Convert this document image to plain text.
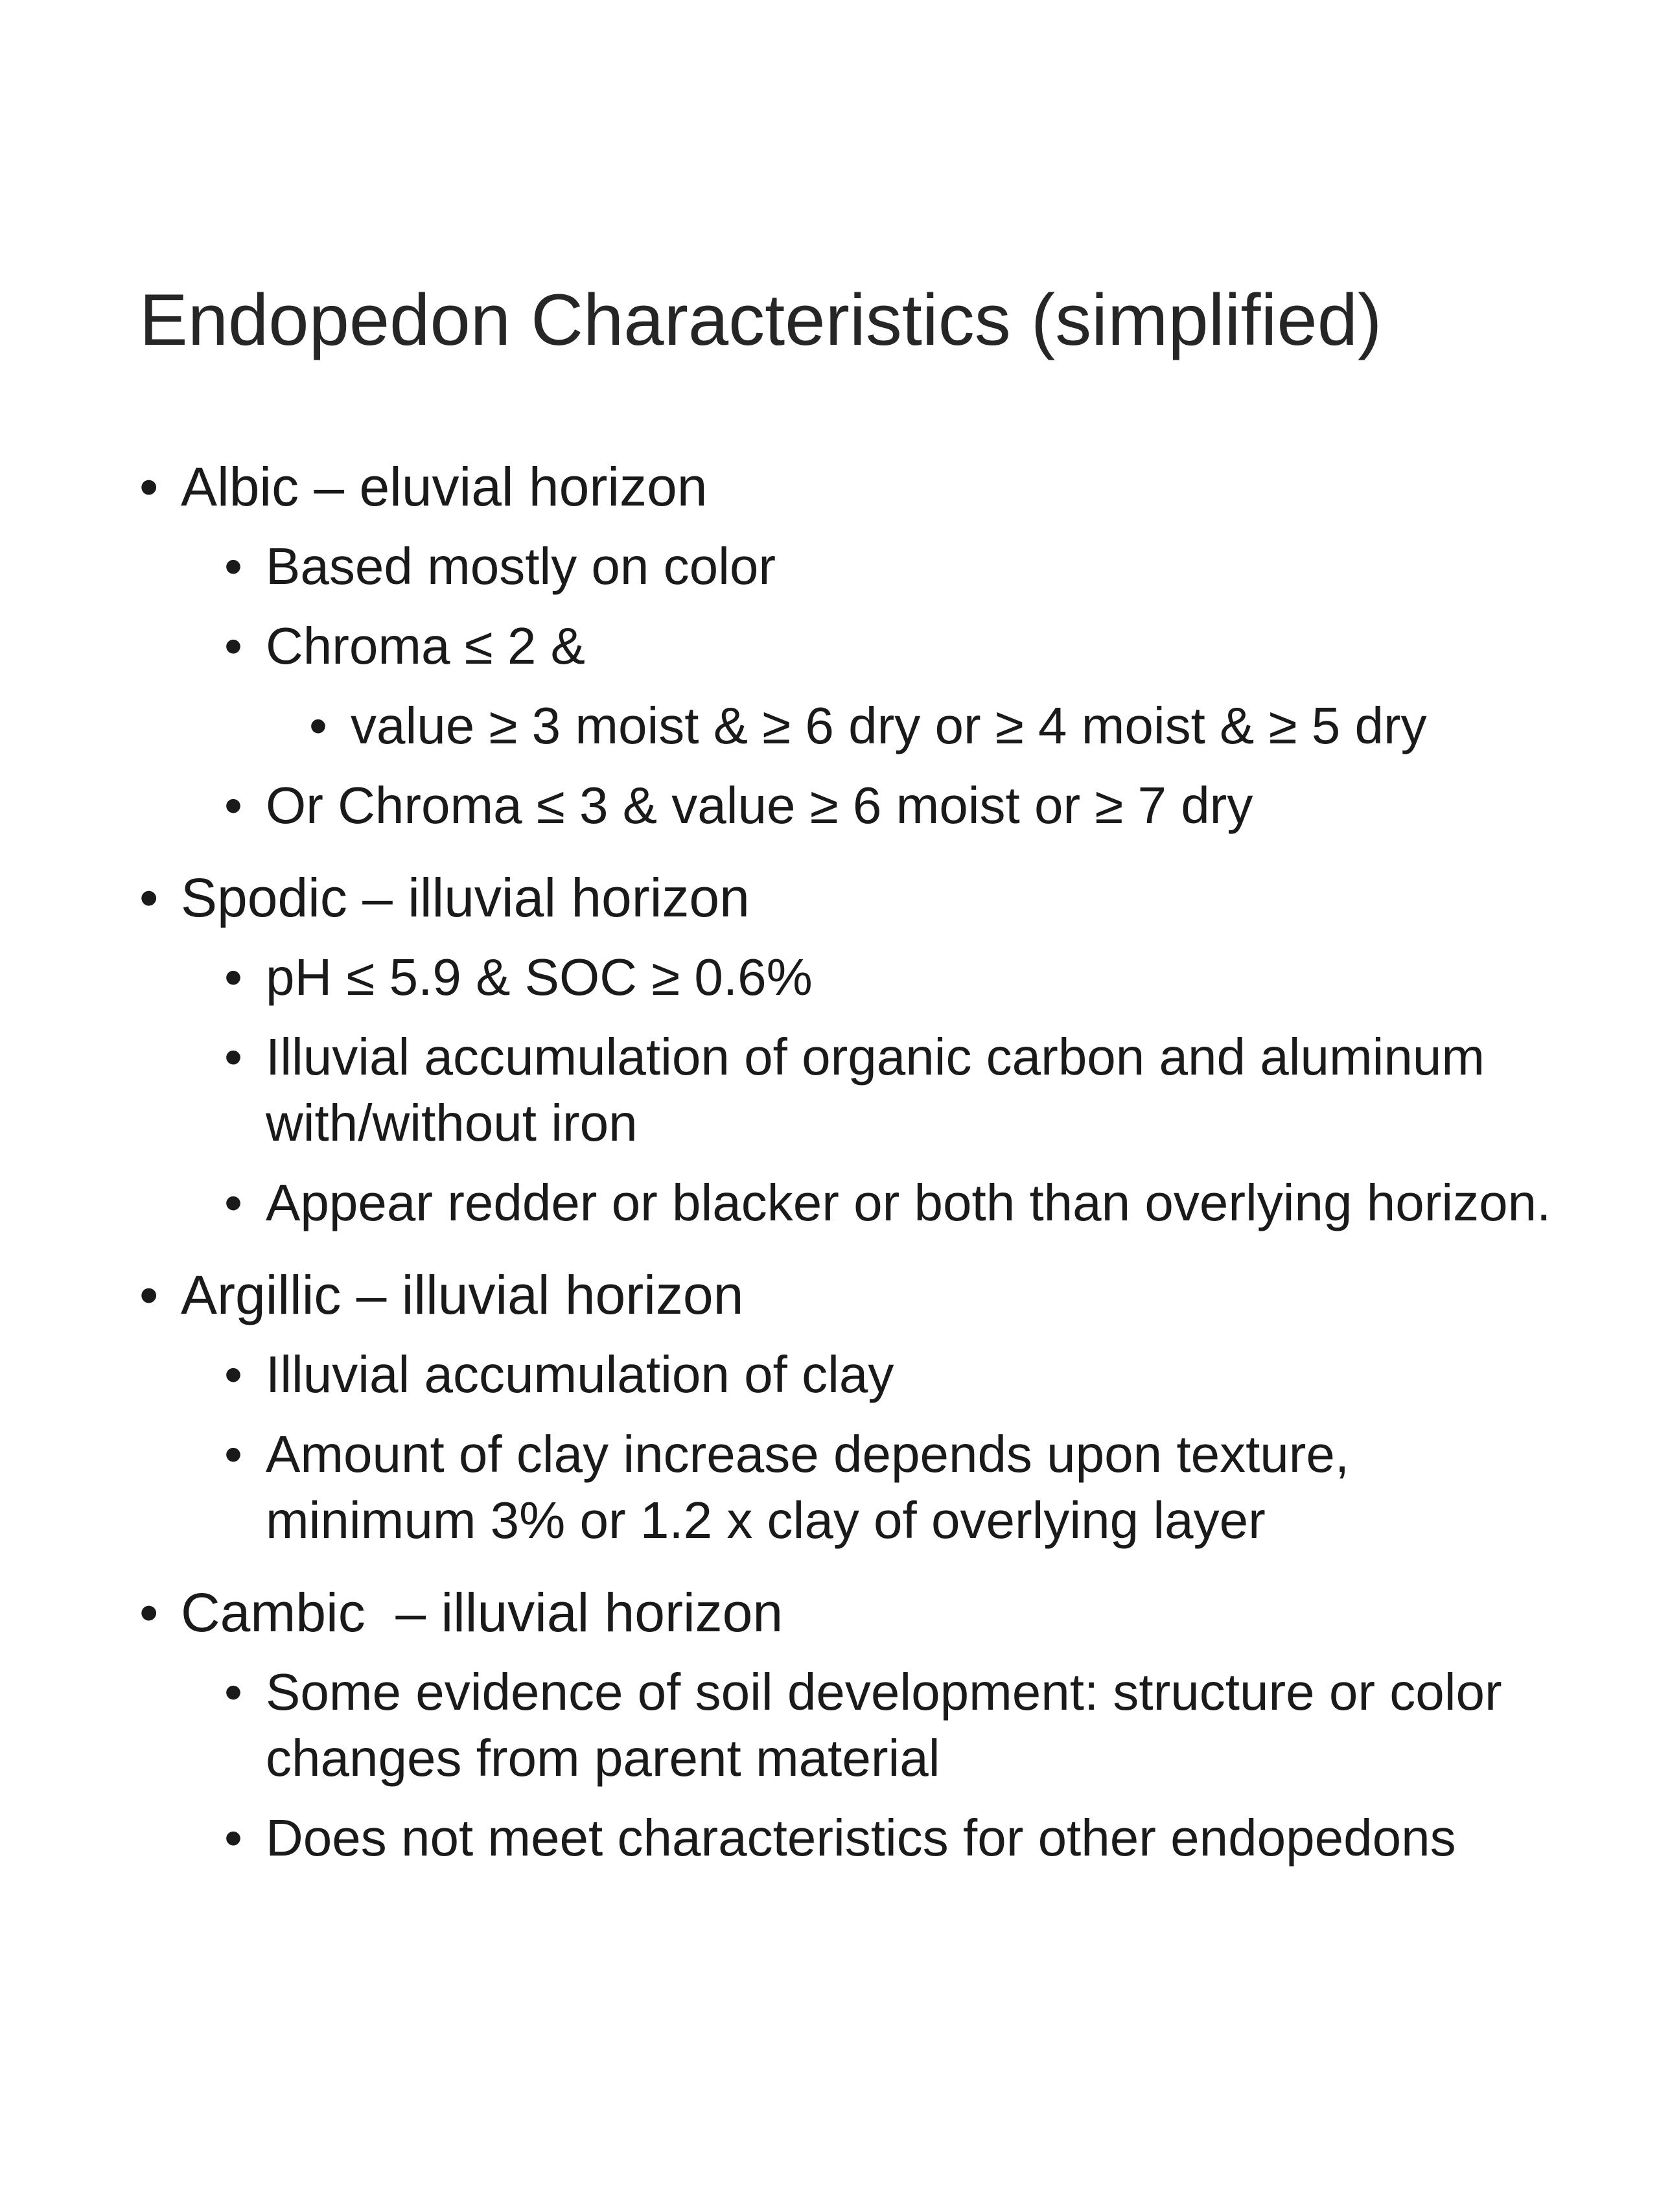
Endopedon Characteristics (simplified)
• Albic – eluvial horizon
• Based mostly on color
• Chroma ≤ 2 &
• value ≥ 3 moist & ≥ 6 dry or ≥ 4 moist & ≥ 5 dry
• Or Chroma ≤ 3 & value ≥ 6 moist or ≥ 7 dry
• Spodic – illuvial horizon
• pH ≤ 5.9 & SOC ≥ 0.6%
• Illuvial accumulation of organic carbon and aluminum with/without iron
• Appear redder or blacker or both than overlying horizon.
• Argillic – illuvial horizon
• Illuvial accumulation of clay
• Amount of clay increase depends upon texture, minimum 3% or 1.2 x clay of overlying layer
• Cambic  – illuvial horizon
• Some evidence of soil development: structure or color changes from parent material
• Does not meet characteristics for other endopedons
